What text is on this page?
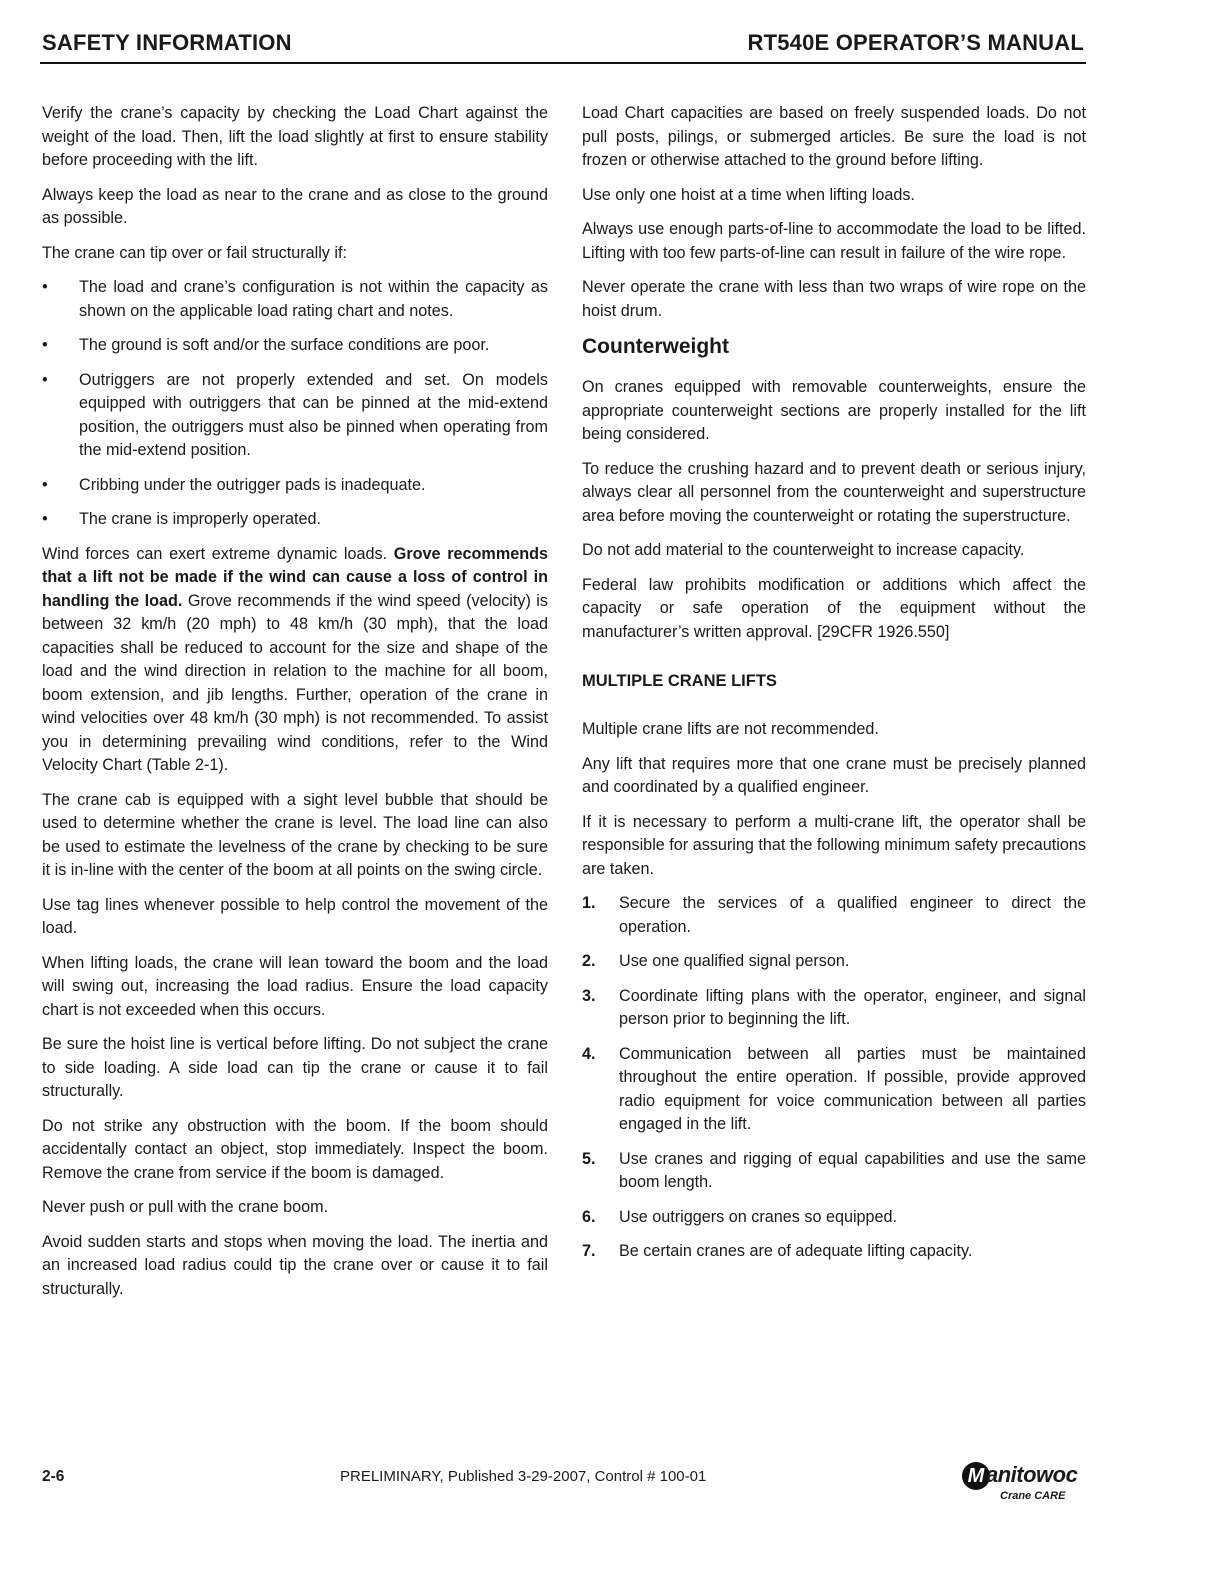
SAFETY INFORMATION	RT540E OPERATOR’S MANUAL

Verify the crane’s capacity by checking the Load Chart against the weight of the load. Then, lift the load slightly at first to ensure stability before proceeding with the lift.

Always keep the load as near to the crane and as close to the ground as possible.

The crane can tip over or fail structurally if:

• The load and crane’s configuration is not within the capacity as shown on the applicable load rating chart and notes.
• The ground is soft and/or the surface conditions are poor.
• Outriggers are not properly extended and set. On models equipped with outriggers that can be pinned at the mid-extend position, the outriggers must also be pinned when operating from the mid-extend position.
• Cribbing under the outrigger pads is inadequate.
• The crane is improperly operated.

Wind forces can exert extreme dynamic loads. Grove recommends that a lift not be made if the wind can cause a loss of control in handling the load. Grove recommends if the wind speed (velocity) is between 32 km/h (20 mph) to 48 km/h (30 mph), that the load capacities shall be reduced to account for the size and shape of the load and the wind direction in relation to the machine for all boom, boom extension, and jib lengths. Further, operation of the crane in wind velocities over 48 km/h (30 mph) is not recommended. To assist you in determining prevailing wind conditions, refer to the Wind Velocity Chart (Table 2-1).

The crane cab is equipped with a sight level bubble that should be used to determine whether the crane is level. The load line can also be used to estimate the levelness of the crane by checking to be sure it is in-line with the center of the boom at all points on the swing circle.

Use tag lines whenever possible to help control the movement of the load.

When lifting loads, the crane will lean toward the boom and the load will swing out, increasing the load radius. Ensure the load capacity chart is not exceeded when this occurs.

Be sure the hoist line is vertical before lifting. Do not subject the crane to side loading. A side load can tip the crane or cause it to fail structurally.

Do not strike any obstruction with the boom. If the boom should accidentally contact an object, stop immediately. Inspect the boom. Remove the crane from service if the boom is damaged.

Never push or pull with the crane boom.

Avoid sudden starts and stops when moving the load. The inertia and an increased load radius could tip the crane over or cause it to fail structurally.

Load Chart capacities are based on freely suspended loads. Do not pull posts, pilings, or submerged articles. Be sure the load is not frozen or otherwise attached to the ground before lifting.

Use only one hoist at a time when lifting loads.

Always use enough parts-of-line to accommodate the load to be lifted. Lifting with too few parts-of-line can result in failure of the wire rope.

Never operate the crane with less than two wraps of wire rope on the hoist drum.

Counterweight

On cranes equipped with removable counterweights, ensure the appropriate counterweight sections are properly installed for the lift being considered.

To reduce the crushing hazard and to prevent death or serious injury, always clear all personnel from the counterweight and superstructure area before moving the counterweight or rotating the superstructure.

Do not add material to the counterweight to increase capacity.

Federal law prohibits modification or additions which affect the capacity or safe operation of the equipment without the manufacturer’s written approval. [29CFR 1926.550]

MULTIPLE CRANE LIFTS

Multiple crane lifts are not recommended.

Any lift that requires more that one crane must be precisely planned and coordinated by a qualified engineer.

If it is necessary to perform a multi-crane lift, the operator shall be responsible for assuring that the following minimum safety precautions are taken.

1. Secure the services of a qualified engineer to direct the operation.
2. Use one qualified signal person.
3. Coordinate lifting plans with the operator, engineer, and signal person prior to beginning the lift.
4. Communication between all parties must be maintained throughout the entire operation. If possible, provide approved radio equipment for voice communication between all parties engaged in the lift.
5. Use cranes and rigging of equal capabilities and use the same boom length.
6. Use outriggers on cranes so equipped.
7. Be certain cranes are of adequate lifting capacity.
2-6	PRELIMINARY, Published 3-29-2007, Control # 100-01	M anitowoc
Crane CARE
